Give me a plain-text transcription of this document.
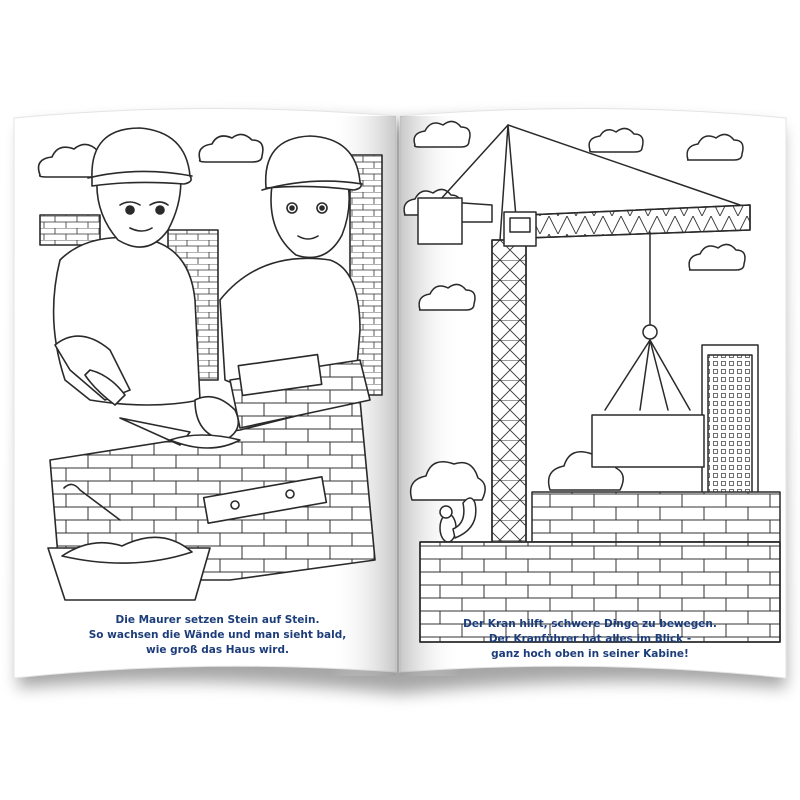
Die Maurer setzen Stein auf Stein.
So wachsen die Wände und man sieht bald,
wie groß das Haus wird.
Der Kran hilft, schwere Dinge zu bewegen.
Der Kranführer hat alles im Blick -
ganz hoch oben in seiner Kabine!
